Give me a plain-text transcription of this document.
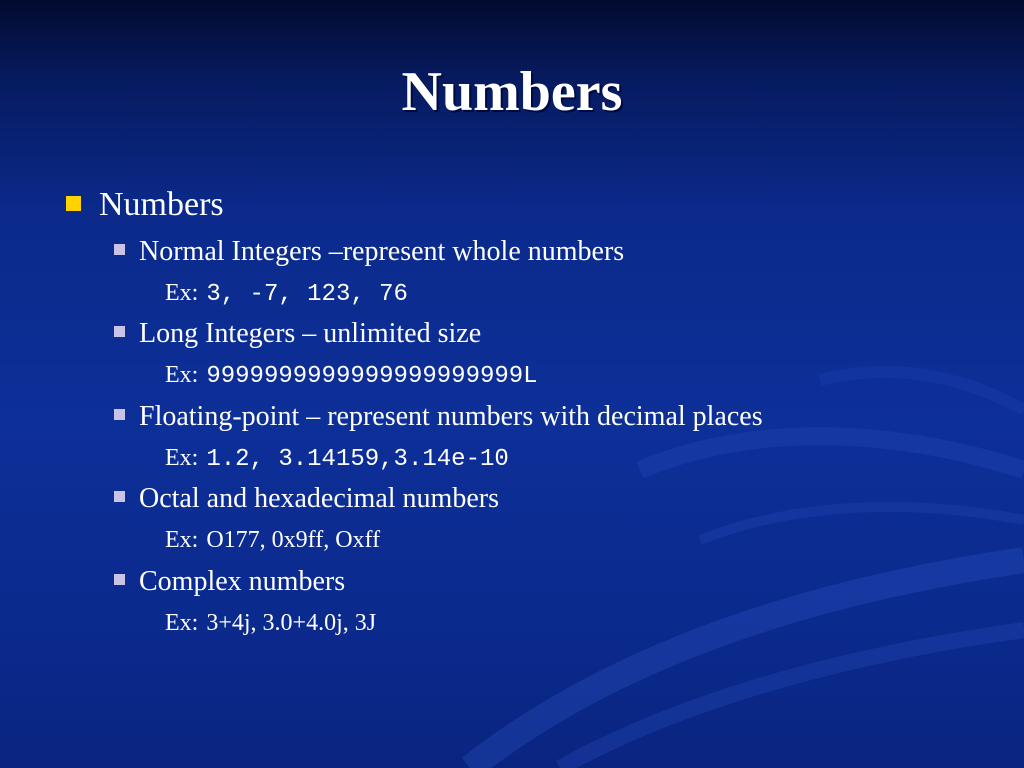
Numbers
Numbers
Normal Integers –represent whole numbers
Ex: 3, -7, 123, 76
Long Integers – unlimited size
Ex: 9999999999999999999999L
Floating-point – represent numbers with decimal places
Ex: 1.2, 3.14159,3.14e-10
Octal and hexadecimal numbers
Ex: O177, 0x9ff, Oxff
Complex numbers
Ex: 3+4j, 3.0+4.0j, 3J
